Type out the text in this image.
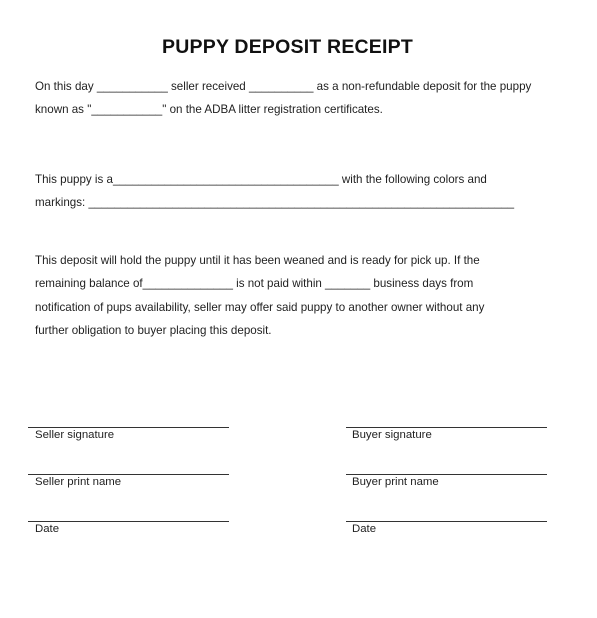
PUPPY DEPOSIT RECEIPT
On this day ___________ seller received __________ as a non-refundable deposit for the puppy
known as "___________" on the ADBA litter registration certificates.
This puppy is a___________________________________ with the following colors and
markings: __________________________________________________________________
This deposit will hold the puppy until it has been weaned and is ready for pick up. If the
remaining balance of______________ is not paid within _______ business days from
notification of pups availability, seller may offer said puppy to another owner without any
further obligation to buyer placing this deposit.
Seller signature
Seller print name
Date
Buyer signature
Buyer print name
Date
